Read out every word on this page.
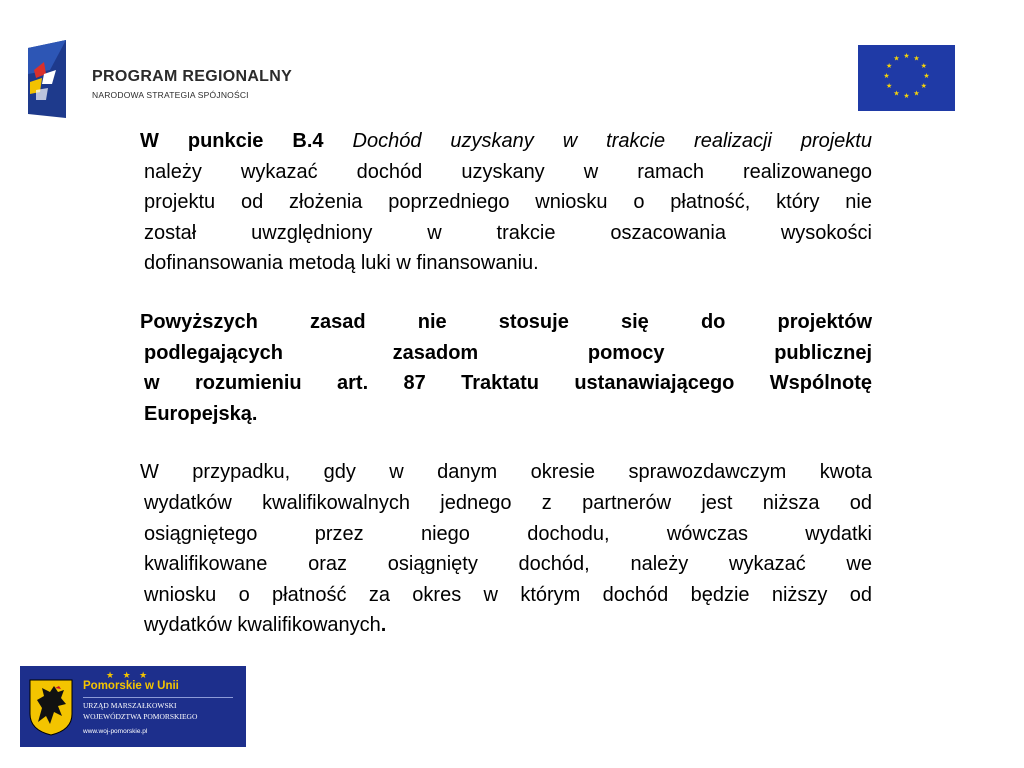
PROGRAM REGIONALNY
NARODOWA STRATEGIA SPÓJNOŚCI
★ ★
★
★
★
★
★
★
★
★
★
★
W punkcie B.4 Dochód uzyskany w trakcie realizacji projektu
należy wykazać dochód uzyskany w ramach realizowanego
projektu od złożenia poprzedniego wniosku o płatność, który nie
został uwzględniony w trakcie oszacowania wysokości
dofinansowania metodą luki w finansowaniu.
Powyższych zasad nie stosuje się do projektów
podlegających zasadom pomocy publicznej
w rozumieniu art. 87 Traktatu ustanawiającego Wspólnotę
Europejską.
W przypadku, gdy w danym okresie sprawozdawczym kwota
wydatków kwalifikowalnych jednego z partnerów jest niższa od
osiągniętego przez niego dochodu, wówczas wydatki
kwalifikowane oraz osiągnięty dochód, należy wykazać we
wniosku o płatność za okres w którym dochód będzie niższy od
wydatków kwalifikowanych.
★ ★ ★
Pomorskie w Unii
URZĄD MARSZAŁKOWSKI
WOJEWÓDZTWA POMORSKIEGO
www.woj-pomorskie.pl
